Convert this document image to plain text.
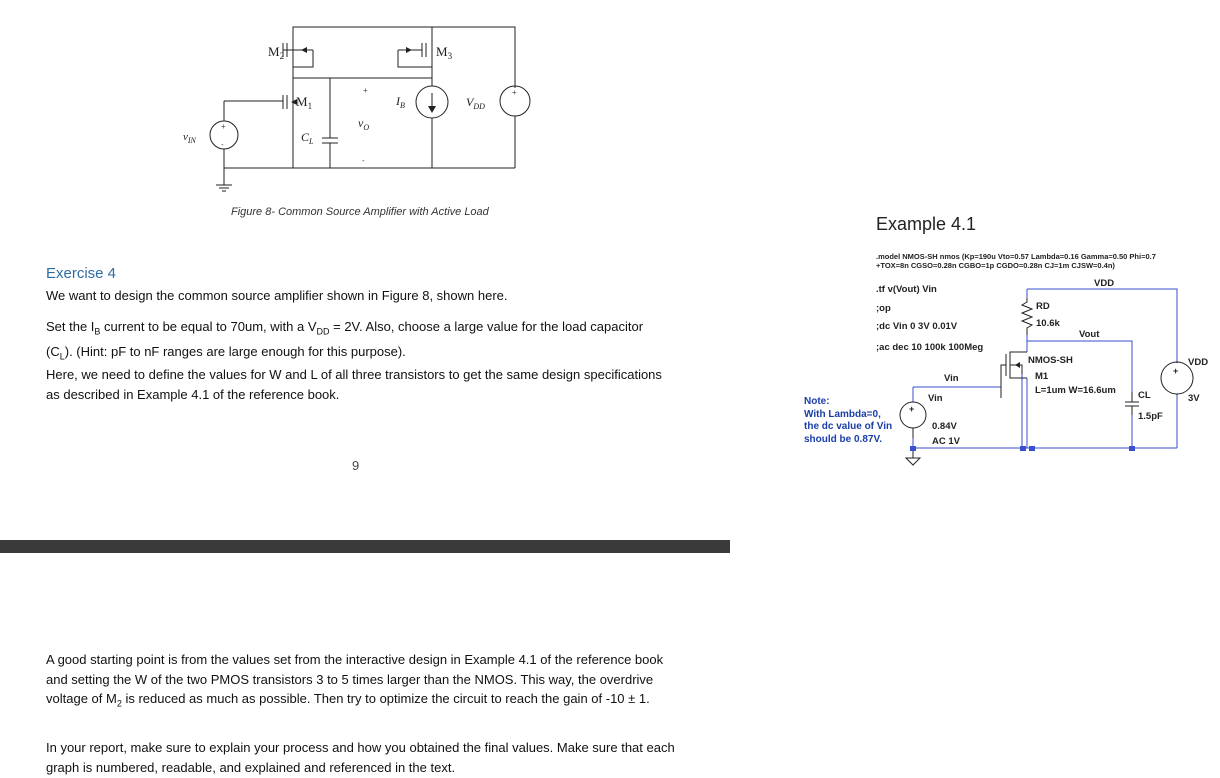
$M_2$	$M_3$
$M_1$	$I_B$	$V_{DD}$
$v_O$
$C_L$
$v_{IN}$
+
-
+
-
+
Figure 8- Common Source Amplifier with Active Load
Exercise 4
We want to design the common source amplifier shown in Figure 8, shown here.
Set the $I_B$ current to be equal to 70um, with a $V_{DD} = 2V$. Also, choose a large value for the load capacitor
$(C_L)$. (Hint: pF to nF ranges are large enough for this purpose).
Here, we need to define the values for W and L of all three transistors to get the same design specifications as described in Example 4.1 of the reference book.
9
A good starting point is from the values set from the interactive design in Example 4.1 of the reference book and setting the W of the two PMOS transistors 3 to 5 times larger than the NMOS. This way, the overdrive voltage of $M_2$ is reduced as much as possible. Then try to optimize the circuit to reach the gain of -10 ± 1.
In your report, make sure to explain your process and how you obtained the final values. Make sure that each graph is numbered, readable, and explained and referenced in the text.
Example 4.1
.model NMOS-SH nmos (Kp=190u Vto=0.57 Lambda=0.16 Gamma=0.50 Phi=0.7
+TOX=8n CGSO=0.28n CGBO=1p CGDO=0.28n CJ=1m CJSW=0.4n)
.tf v(Vout) Vin
;op
;dc Vin 0 3V 0.01V
;ac dec 10 100k 100Meg
+
+
VDD
RD
10.6k
Vout
NMOS-SH
M1
L=1um W=16.6um
Vin
Vin
0.84V
AC 1V
CL
1.5pF
VDD
3V
Note:
With Lambda=0,
the dc value of Vin
should be 0.87V.
